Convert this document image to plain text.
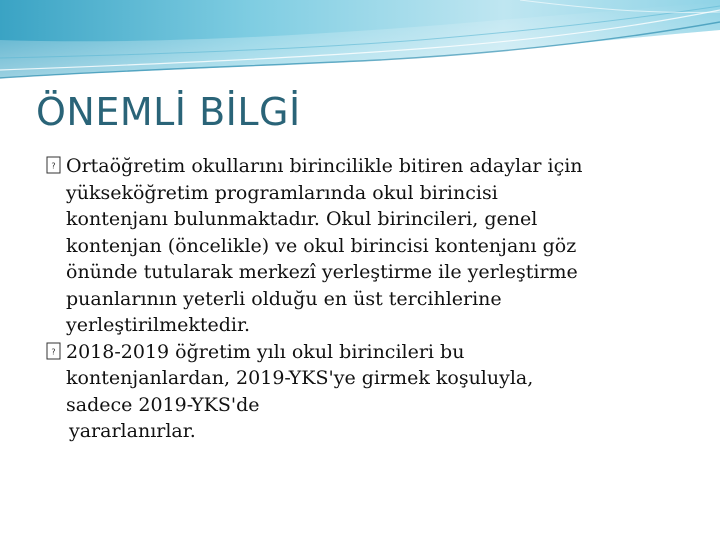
ÖNEMLİ BİLGİ
? Ortaöğretim okullarını birincilikle bitiren adaylar için
yükseköğretim programlarında okul birincisi
kontenjanı bulunmaktadır. Okul birincileri, genel
kontenjan (öncelikle) ve okul birincisi kontenjanı göz
önünde tutularak merkezî yerleştirme ile yerleştirme
puanlarının yeterli olduğu en üst tercihlerine
yerleştirilmektedir.
? 2018-2019 öğretim yılı okul birincileri bu
kontenjanlardan, 2019-YKS'ye girmek koşuluyla,
sadece 2019-YKS'de
yararlanırlar.
